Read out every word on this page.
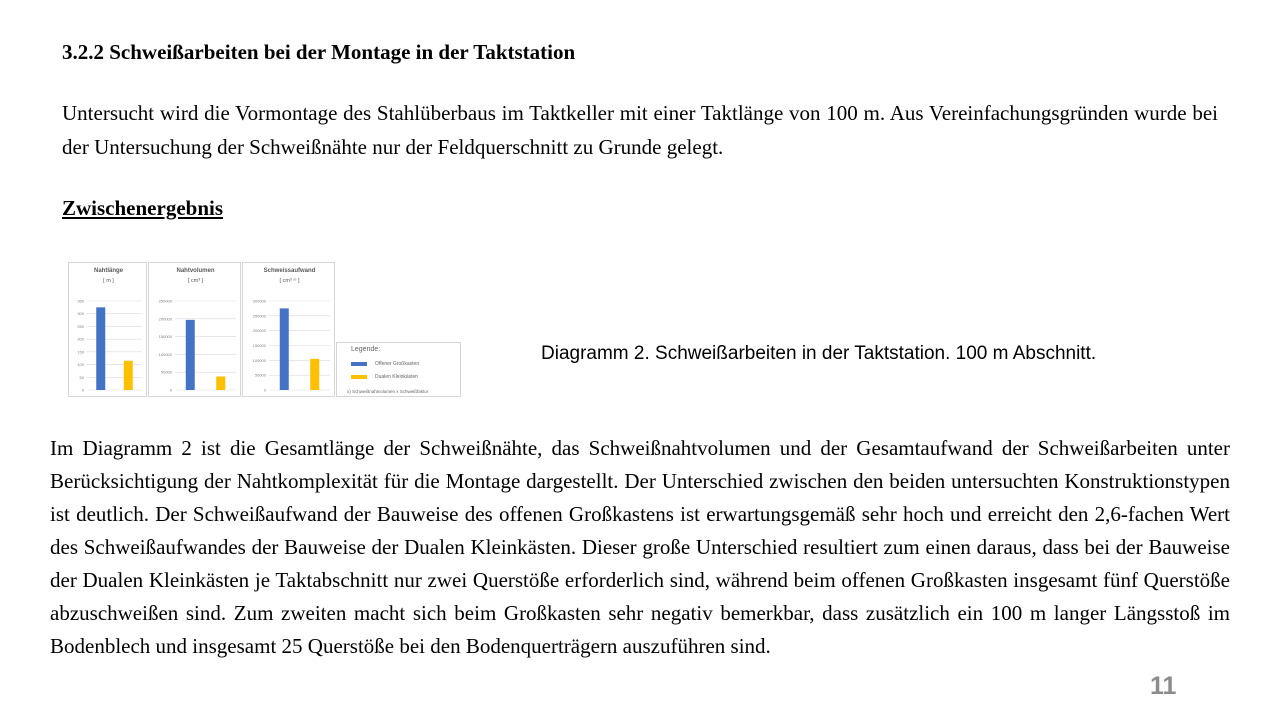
3.2.2 Schweißarbeiten bei der Montage in der Taktstation
Untersucht wird die Vormontage des Stahlüberbaus im Taktkeller mit einer Taktlänge von 100 m. Aus Vereinfachungsgründen wurde bei der Untersuchung der Schweißnähte nur der Feldquerschnitt zu Grunde gelegt.
Zwischenergebnis
Nahtlänge
[ m ]
0
50
100
150
200
250
300
350
Nahtvolumen
[ cm³ ]
0
50000
100000
150000
200000
250000
Schweissaufwand
[ cm³ ˣ⁾ ]
0
50000
100000
150000
200000
250000
300000
Legende:
Offener Großkasten
Dualen Kleinkästen
x) Schweißnahtvolumen x Schweißfaktor
Diagramm 2. Schweißarbeiten in der Taktstation. 100 m Abschnitt.
Im Diagramm 2 ist die Gesamtlänge der Schweißnähte, das Schweißnahtvolumen und der Gesamtaufwand der Schweißarbeiten unter Berücksichtigung der Nahtkomplexität für die Montage dargestellt. Der Unterschied zwischen den beiden untersuchten Konstruktionstypen ist deutlich. Der Schweißaufwand der Bauweise des offenen Großkastens ist erwartungsgemäß sehr hoch und erreicht den 2,6-fachen Wert des Schweißaufwandes der Bauweise der Dualen Kleinkästen. Dieser große Unterschied resultiert zum einen daraus, dass bei der Bauweise der Dualen Kleinkästen je Taktabschnitt nur zwei Querstöße erforderlich sind, während beim offenen Großkasten insgesamt fünf Querstöße abzuschweißen sind. Zum zweiten macht sich beim Großkasten sehr negativ bemerkbar, dass zusätzlich ein 100 m langer Längsstoß im Bodenblech und insgesamt 25 Querstöße bei den Bodenquerträgern auszuführen sind.
11
